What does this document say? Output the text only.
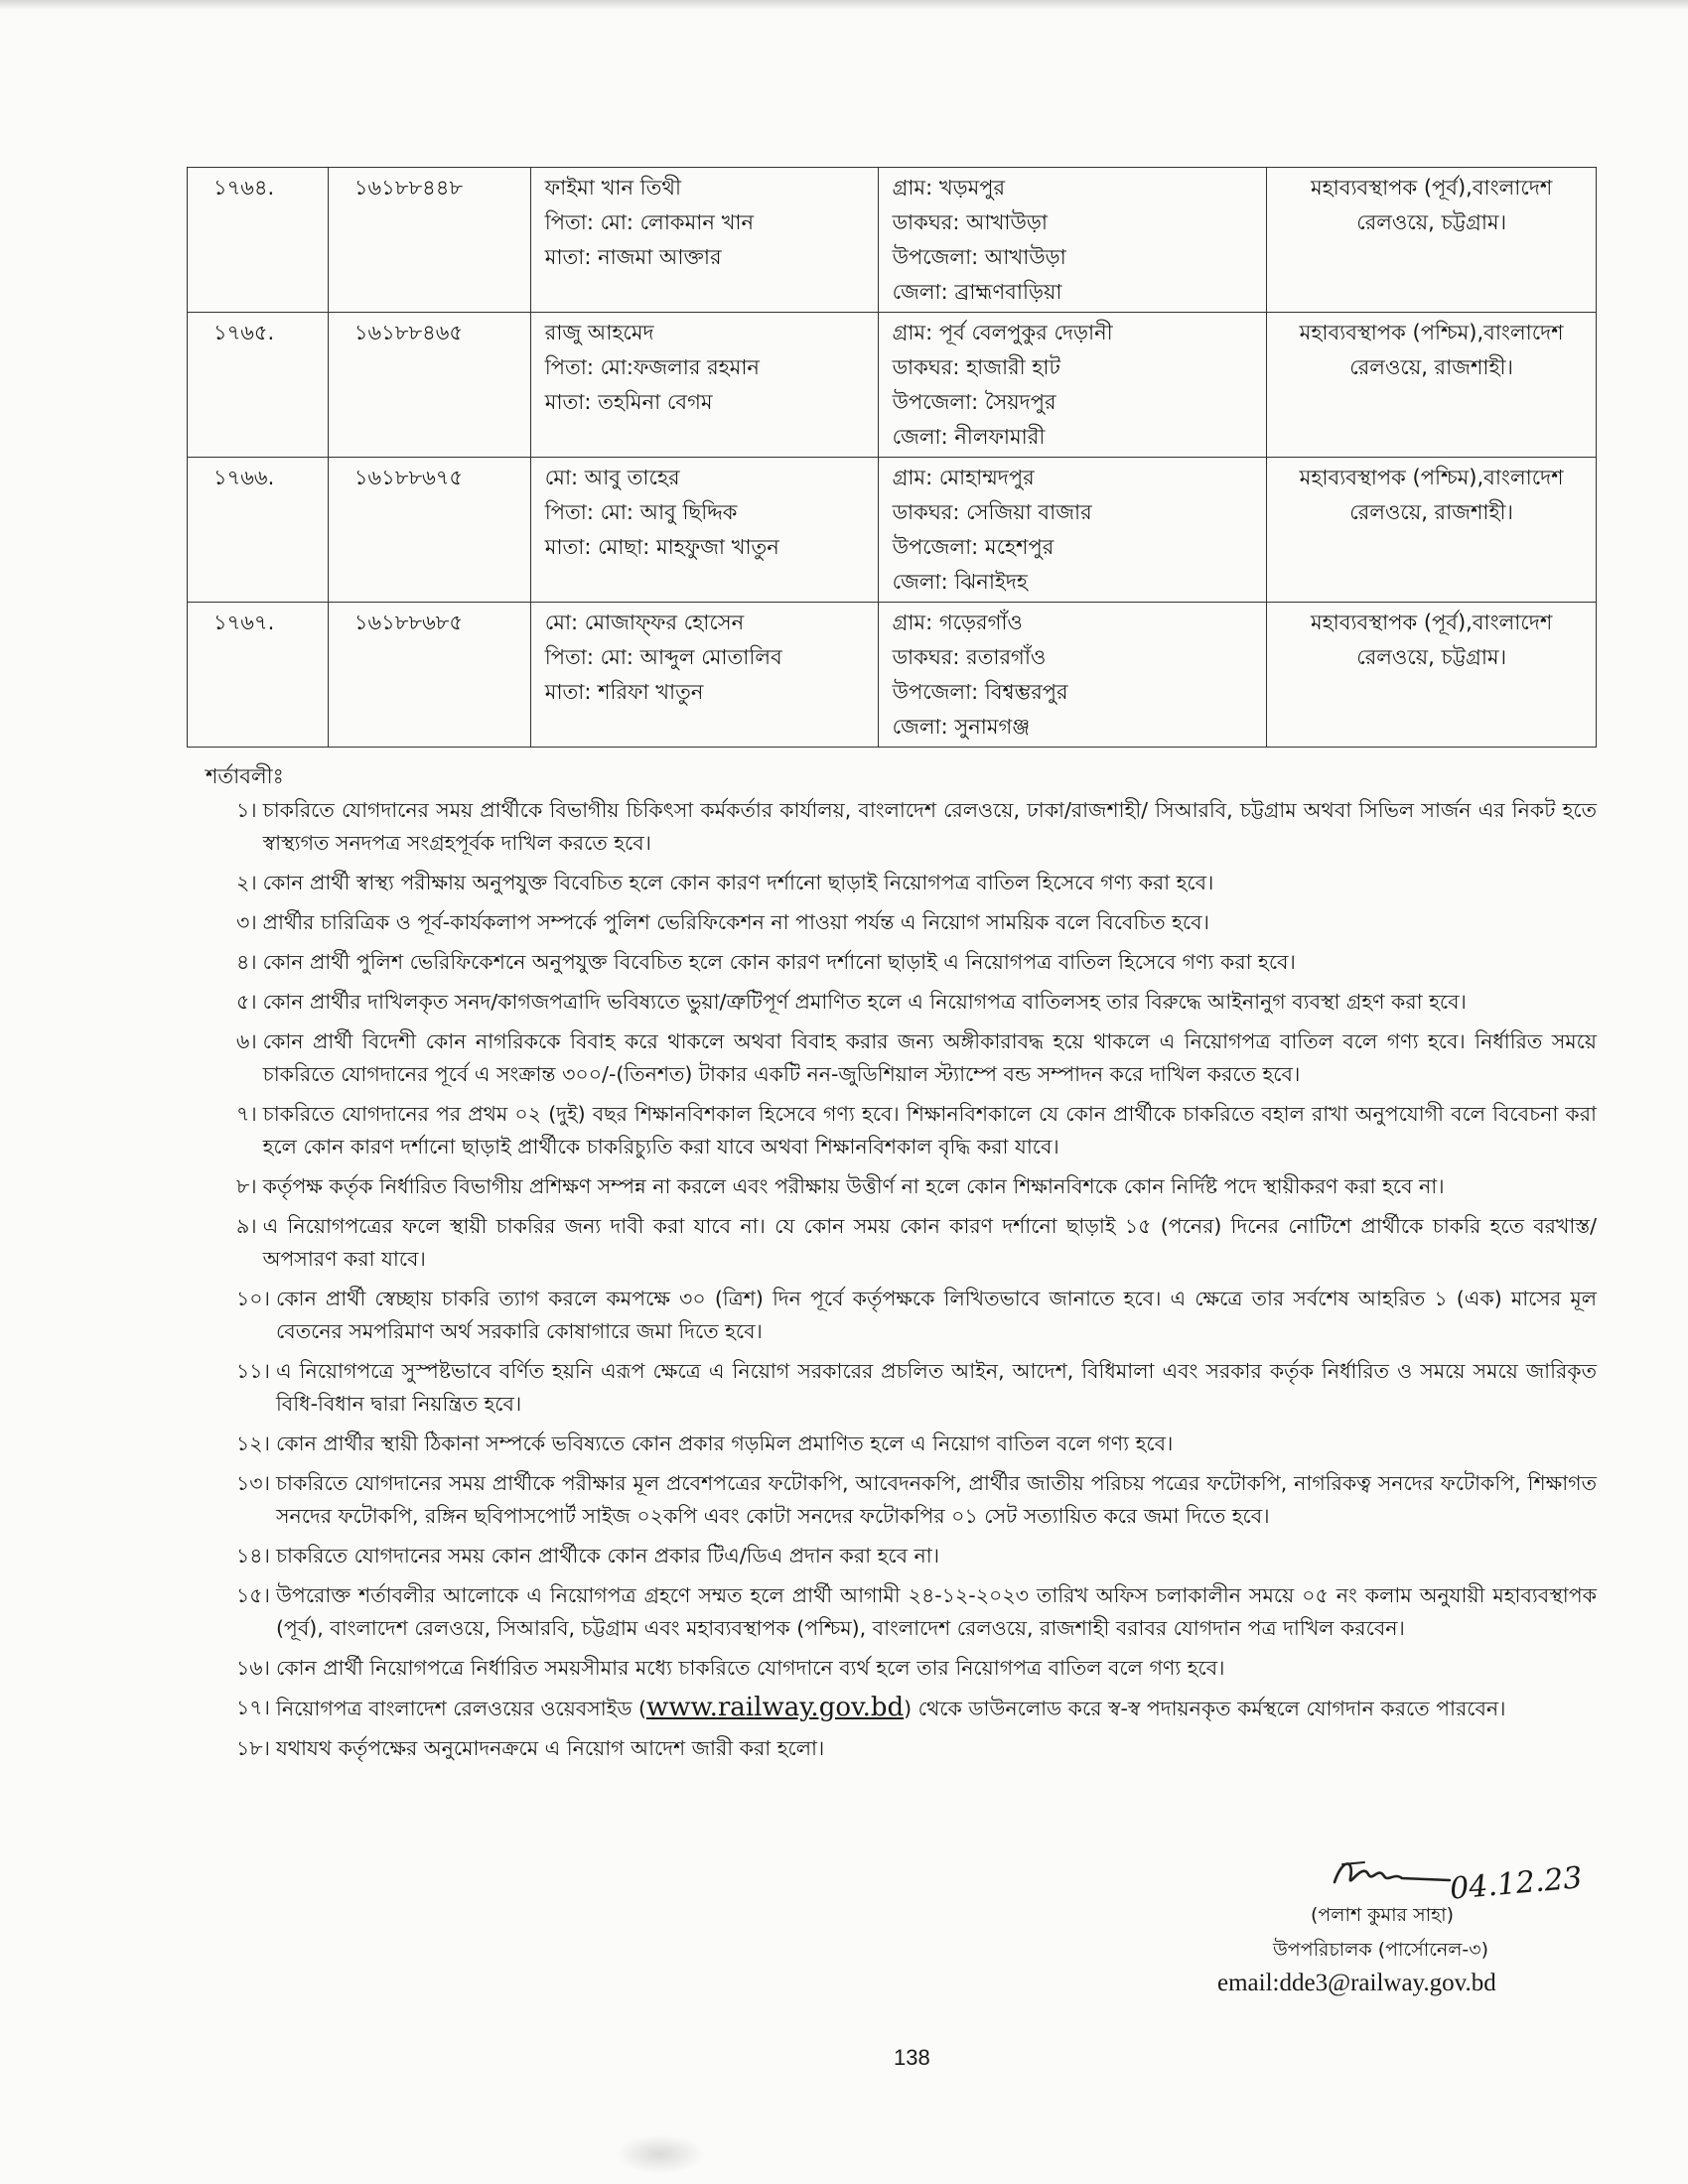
১৭৬৪.	১৬১৮৮৪৪৮	ফাইমা খান তিথী
পিতা: মো: লোকমান খান
মাতা: নাজমা আক্তার	গ্রাম: খড়মপুর
ডাকঘর: আখাউড়া
উপজেলা: আখাউড়া
জেলা: ব্রাহ্মণবাড়িয়া	মহাব্যবস্থাপক (পূর্ব),বাংলাদেশ
রেলওয়ে, চট্টগ্রাম।

১৭৬৫.	১৬১৮৮৪৬৫	রাজু আহমেদ
পিতা: মো:ফজলার রহমান
মাতা: তহমিনা বেগম	গ্রাম: পূর্ব বেলপুকুর দেড়ানী
ডাকঘর: হাজারী হাট
উপজেলা: সৈয়দপুর
জেলা: নীলফামারী	মহাব্যবস্থাপক (পশ্চিম),বাংলাদেশ
রেলওয়ে, রাজশাহী।

১৭৬৬.	১৬১৮৮৬৭৫	মো: আবু তাহের
পিতা: মো: আবু ছিদ্দিক
মাতা: মোছা: মাহফুজা খাতুন	গ্রাম: মোহাম্মদপুর
ডাকঘর: সেজিয়া বাজার
উপজেলা: মহেশপুর
জেলা: ঝিনাইদহ	মহাব্যবস্থাপক (পশ্চিম),বাংলাদেশ
রেলওয়ে, রাজশাহী।

১৭৬৭.	১৬১৮৮৬৮৫	মো: মোজাফ্ফর হোসেন
পিতা: মো: আব্দুল মোতালিব
মাতা: শরিফা খাতুন	গ্রাম: গড়েরগাঁও
ডাকঘর: রতারগাঁও
উপজেলা: বিশ্বম্ভরপুর
জেলা: সুনামগঞ্জ	মহাব্যবস্থাপক (পূর্ব),বাংলাদেশ
রেলওয়ে, চট্টগ্রাম।
শর্তাবলীঃ
১। চাকরিতে যোগদানের সময় প্রার্থীকে বিভাগীয় চিকিৎসা কর্মকর্তার কার্যালয়, বাংলাদেশ রেলওয়ে, ঢাকা/রাজশাহী/ সিআরবি, চট্টগ্রাম অথবা সিভিল সার্জন এর নিকট হতে স্বাস্থ্যগত সনদপত্র সংগ্রহপূর্বক দাখিল করতে হবে।
২। কোন প্রার্থী স্বাস্থ্য পরীক্ষায় অনুপযুক্ত বিবেচিত হলে কোন কারণ দর্শানো ছাড়াই নিয়োগপত্র বাতিল হিসেবে গণ্য করা হবে।
৩। প্রার্থীর চারিত্রিক ও পূর্ব-কার্যকলাপ সম্পর্কে পুলিশ ভেরিফিকেশন না পাওয়া পর্যন্ত এ নিয়োগ সাময়িক বলে বিবেচিত হবে।
৪। কোন প্রার্থী পুলিশ ভেরিফিকেশনে অনুপযুক্ত বিবেচিত হলে কোন কারণ দর্শানো ছাড়াই এ নিয়োগপত্র বাতিল হিসেবে গণ্য করা হবে।
৫। কোন প্রার্থীর দাখিলকৃত সনদ/কাগজপত্রাদি ভবিষ্যতে ভুয়া/ত্রুটিপূর্ণ প্রমাণিত হলে এ নিয়োগপত্র বাতিলসহ তার বিরুদ্ধে আইনানুগ ব্যবস্থা গ্রহণ করা হবে।
৬। কোন প্রার্থী বিদেশী কোন নাগরিককে বিবাহ করে থাকলে অথবা বিবাহ করার জন্য অঙ্গীকারাবদ্ধ হয়ে থাকলে এ নিয়োগপত্র বাতিল বলে গণ্য হবে। নির্ধারিত সময়ে চাকরিতে যোগদানের পূর্বে এ সংক্রান্ত ৩০০/-(তিনশত) টাকার একটি নন-জুডিশিয়াল স্ট্যাম্পে বন্ড সম্পাদন করে দাখিল করতে হবে।
৭। চাকরিতে যোগদানের পর প্রথম ০২ (দুই) বছর শিক্ষানবিশকাল হিসেবে গণ্য হবে। শিক্ষানবিশকালে যে কোন প্রার্থীকে চাকরিতে বহাল রাখা অনুপযোগী বলে বিবেচনা করা হলে কোন কারণ দর্শানো ছাড়াই প্রার্থীকে চাকরিচ্যুতি করা যাবে অথবা শিক্ষানবিশকাল বৃদ্ধি করা যাবে।
৮। কর্তৃপক্ষ কর্তৃক নির্ধারিত বিভাগীয় প্রশিক্ষণ সম্পন্ন না করলে এবং পরীক্ষায় উত্তীর্ণ না হলে কোন শিক্ষানবিশকে কোন নির্দিষ্ট পদে স্থায়ীকরণ করা হবে না।
৯। এ নিয়োগপত্রের ফলে স্থায়ী চাকরির জন্য দাবী করা যাবে না। যে কোন সময় কোন কারণ দর্শানো ছাড়াই ১৫ (পনের) দিনের নোটিশে প্রার্থীকে চাকরি হতে বরখাস্ত/অপসারণ করা যাবে।
১০। কোন প্রার্থী স্বেচ্ছায় চাকরি ত্যাগ করলে কমপক্ষে ৩০ (ত্রিশ) দিন পূর্বে কর্তৃপক্ষকে লিখিতভাবে জানাতে হবে। এ ক্ষেত্রে তার সর্বশেষ আহরিত ১ (এক) মাসের মূল বেতনের সমপরিমাণ অর্থ সরকারি কোষাগারে জমা দিতে হবে।
১১। এ নিয়োগপত্রে সুস্পষ্টভাবে বর্ণিত হয়নি এরূপ ক্ষেত্রে এ নিয়োগ সরকারের প্রচলিত আইন, আদেশ, বিধিমালা এবং সরকার কর্তৃক নির্ধারিত ও সময়ে সময়ে জারিকৃত বিধি-বিধান দ্বারা নিয়ন্ত্রিত হবে।
১২। কোন প্রার্থীর স্থায়ী ঠিকানা সম্পর্কে ভবিষ্যতে কোন প্রকার গড়মিল প্রমাণিত হলে এ নিয়োগ বাতিল বলে গণ্য হবে।
১৩। চাকরিতে যোগদানের সময় প্রার্থীকে পরীক্ষার মূল প্রবেশপত্রের ফটোকপি, আবেদনকপি, প্রার্থীর জাতীয় পরিচয় পত্রের ফটোকপি, নাগরিকত্ব সনদের ফটোকপি, শিক্ষাগত সনদের ফটোকপি, রঙ্গিন ছবিপাসপোর্ট সাইজ ০২কপি এবং কোটা সনদের ফটোকপির ০১ সেট সত্যায়িত করে জমা দিতে হবে।
১৪। চাকরিতে যোগদানের সময় কোন প্রার্থীকে কোন প্রকার টিএ/ডিএ প্রদান করা হবে না।
১৫। উপরোক্ত শর্তাবলীর আলোকে এ নিয়োগপত্র গ্রহণে সম্মত হলে প্রার্থী আগামী ২৪-১২-২০২৩ তারিখ অফিস চলাকালীন সময়ে ০৫ নং কলাম অনুযায়ী মহাব্যবস্থাপক (পূর্ব), বাংলাদেশ রেলওয়ে, সিআরবি, চট্টগ্রাম এবং মহাব্যবস্থাপক (পশ্চিম), বাংলাদেশ রেলওয়ে, রাজশাহী বরাবর যোগদান পত্র দাখিল করবেন।
১৬। কোন প্রার্থী নিয়োগপত্রে নির্ধারিত সময়সীমার মধ্যে চাকরিতে যোগদানে ব্যর্থ হলে তার নিয়োগপত্র বাতিল বলে গণ্য হবে।
১৭। নিয়োগপত্র বাংলাদেশ রেলওয়ের ওয়েবসাইড (www.railway.gov.bd) থেকে ডাউনলোড করে স্ব-স্ব পদায়নকৃত কর্মস্থলে যোগদান করতে পারবেন।
১৮। যথাযথ কর্তৃপক্ষের অনুমোদনক্রমে এ নিয়োগ আদেশ জারী করা হলো।
04.12.23
(পলাশ কুমার সাহা)
উপপরিচালক (পার্সোনেল-৩)
email:dde3@railway.gov.bd
138
